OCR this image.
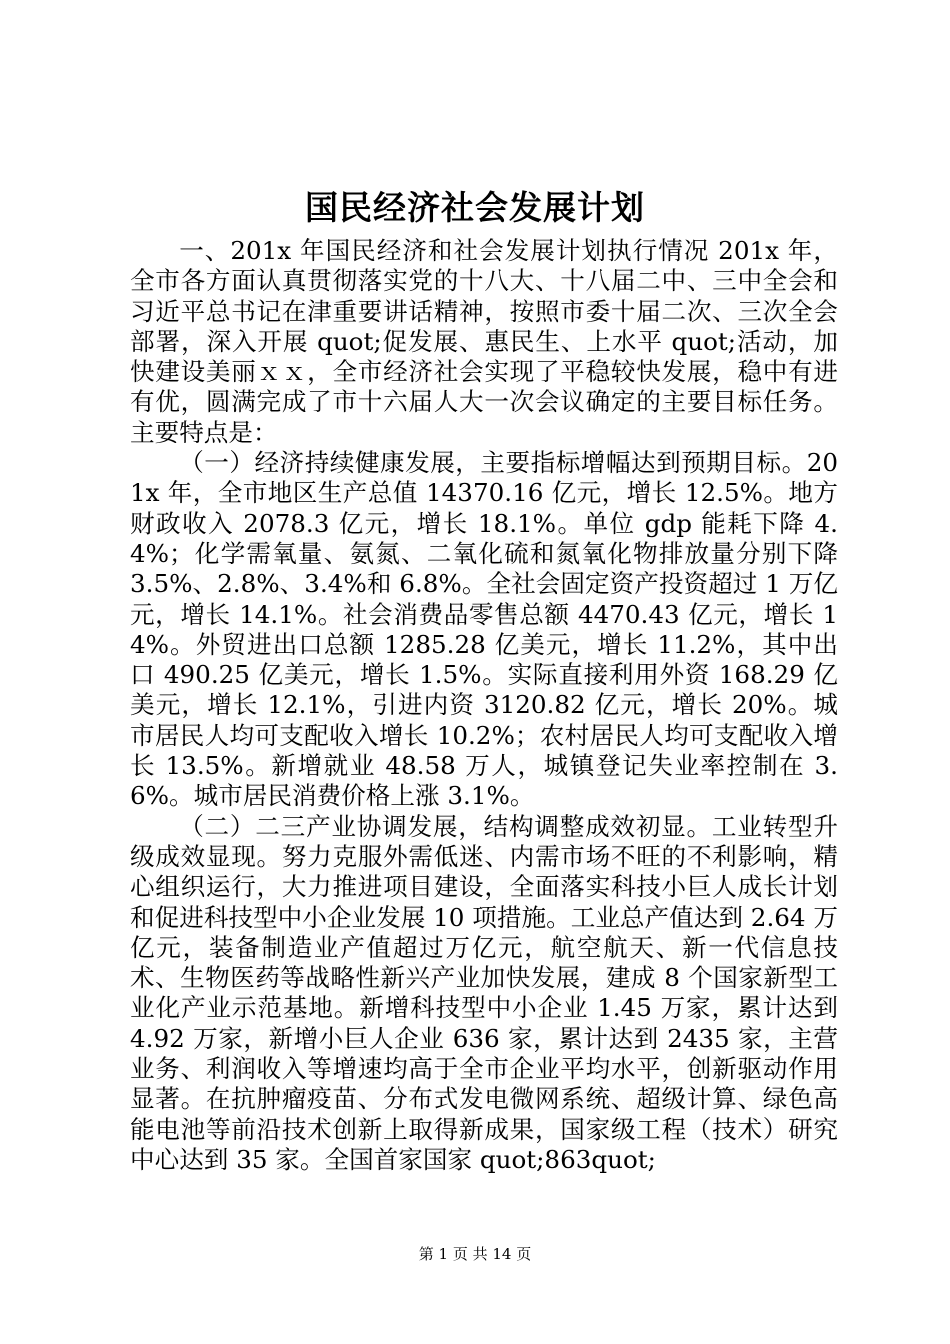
国民经济社会发展计划

一、201x 年国民经济和社会发展计划执行情况 201x 年，全市各方面认真贯彻落实党的十八大、十八届二中、三中全会和习近平总书记在津重要讲话精神，按照市委十届二次、三次全会部署，深入开展 quot;促发展、惠民生、上水平 quot;活动，加快建设美丽ｘｘ，全市经济社会实现了平稳较快发展，稳中有进有优，圆满完成了市十六届人大一次会议确定的主要目标任务。主要特点是：

（一）经济持续健康发展，主要指标增幅达到预期目标。201x 年，全市地区生产总值 14370.16 亿元，增长 12.5%。地方财政收入 2078.3 亿元，增长 18.1%。单位 gdp 能耗下降 4.4%；化学需氧量、氨氮、二氧化硫和氮氧化物排放量分别下降 3.5%、2.8%、3.4%和 6.8%。全社会固定资产投资超过 1 万亿元，增长 14.1%。社会消费品零售总额 4470.43 亿元，增长 14%。外贸进出口总额 1285.28 亿美元，增长 11.2%，其中出口 490.25 亿美元，增长 1.5%。实际直接利用外资 168.29 亿美元，增长 12.1%，引进内资 3120.82 亿元，增长 20%。城市居民人均可支配收入增长 10.2%；农村居民人均可支配收入增长 13.5%。新增就业 48.58 万人，城镇登记失业率控制在 3.6%。城市居民消费价格上涨 3.1%。

（二）二三产业协调发展，结构调整成效初显。工业转型升级成效显现。努力克服外需低迷、内需市场不旺的不利影响，精心组织运行，大力推进项目建设，全面落实科技小巨人成长计划和促进科技型中小企业发展 10 项措施。工业总产值达到 2.64 万亿元，装备制造业产值超过万亿元，航空航天、新一代信息技术、生物医药等战略性新兴产业加快发展，建成 8 个国家新型工业化产业示范基地。新增科技型中小企业 1.45 万家，累计达到 4.92 万家，新增小巨人企业 636 家，累计达到 2435 家，主营业务、利润收入等增速均高于全市企业平均水平，创新驱动作用显著。在抗肿瘤疫苗、分布式发电微网系统、超级计算、绿色高能电池等前沿技术创新上取得新成果，国家级工程（技术）研究中心达到 35 家。全国首家国家 quot;863quot;

第 1 页 共 14 页
